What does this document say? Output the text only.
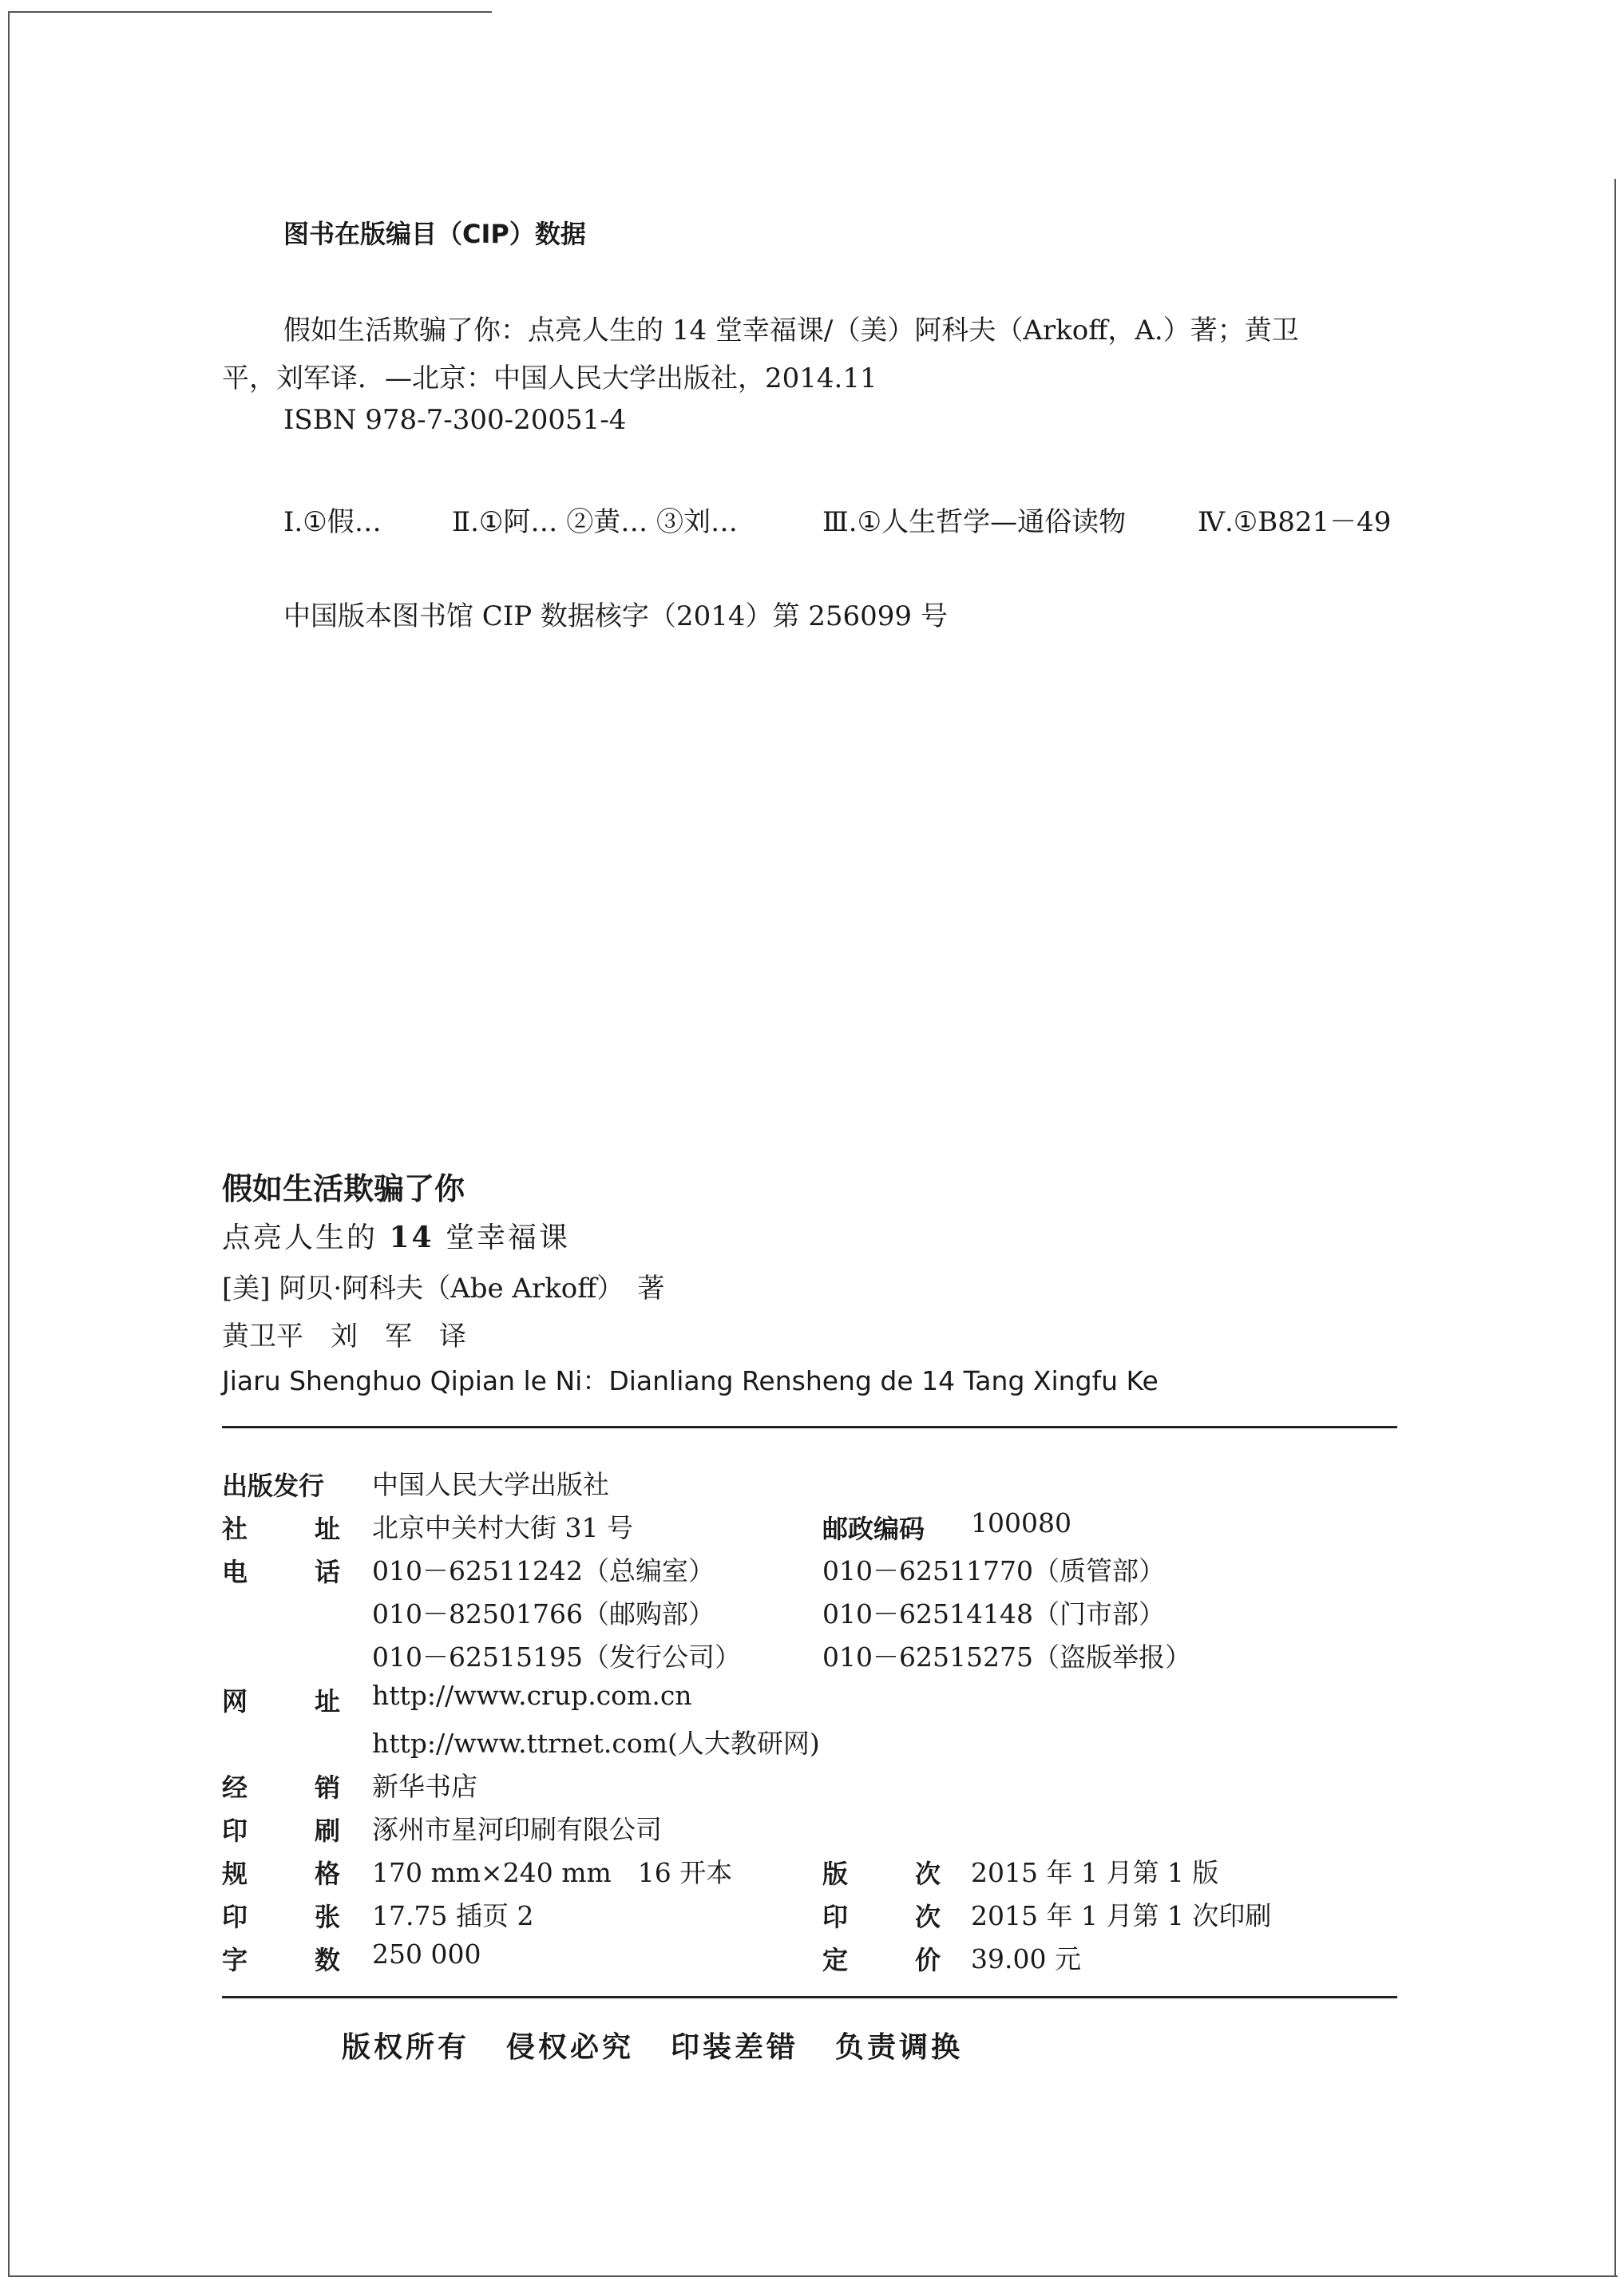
图书在版编目（CIP）数据
假如生活欺骗了你：点亮人生的 14 堂幸福课/（美）阿科夫（Arkoff，A.）著；黄卫
平，刘军译．—北京：中国人民大学出版社，2014.11
ISBN 978-7-300-20051-4
Ⅰ.①假…	Ⅱ.①阿… ②黄… ③刘…	Ⅲ.①人生哲学—通俗读物	Ⅳ.①B821－49
中国版本图书馆 CIP 数据核字（2014）第 256099 号
假如生活欺骗了你
点亮人生的 14 堂幸福课
[美] 阿贝·阿科夫（Abe Arkoff）　著
黄卫平　 刘　军　 译
Jiaru Shenghuo Qipian le Ni：Dianliang Rensheng de 14 Tang Xingfu Ke
出版发行 中国人民大学出版社
社	址 北京中关村大街 31 号	邮政编码 100080
电	话 010－62511242（总编室）	010－62511770（质管部）
010－82501766（邮购部）	010－62514148（门市部）
010－62515195（发行公司）	010－62515275（盗版举报）
网	址 http://www.crup.com.cn
http://www.ttrnet.com(人大教研网)
经	销 新华书店
印	刷 涿州市星河印刷有限公司
规	格 170 mm×240 mm　16 开本	版	次 2015 年 1 月第 1 版
印	张 17.75 插页 2	印	次 2015 年 1 月第 1 次印刷
字	数 250 000	定	价 39.00 元
版权所有 侵权必究 印装差错 负责调换
